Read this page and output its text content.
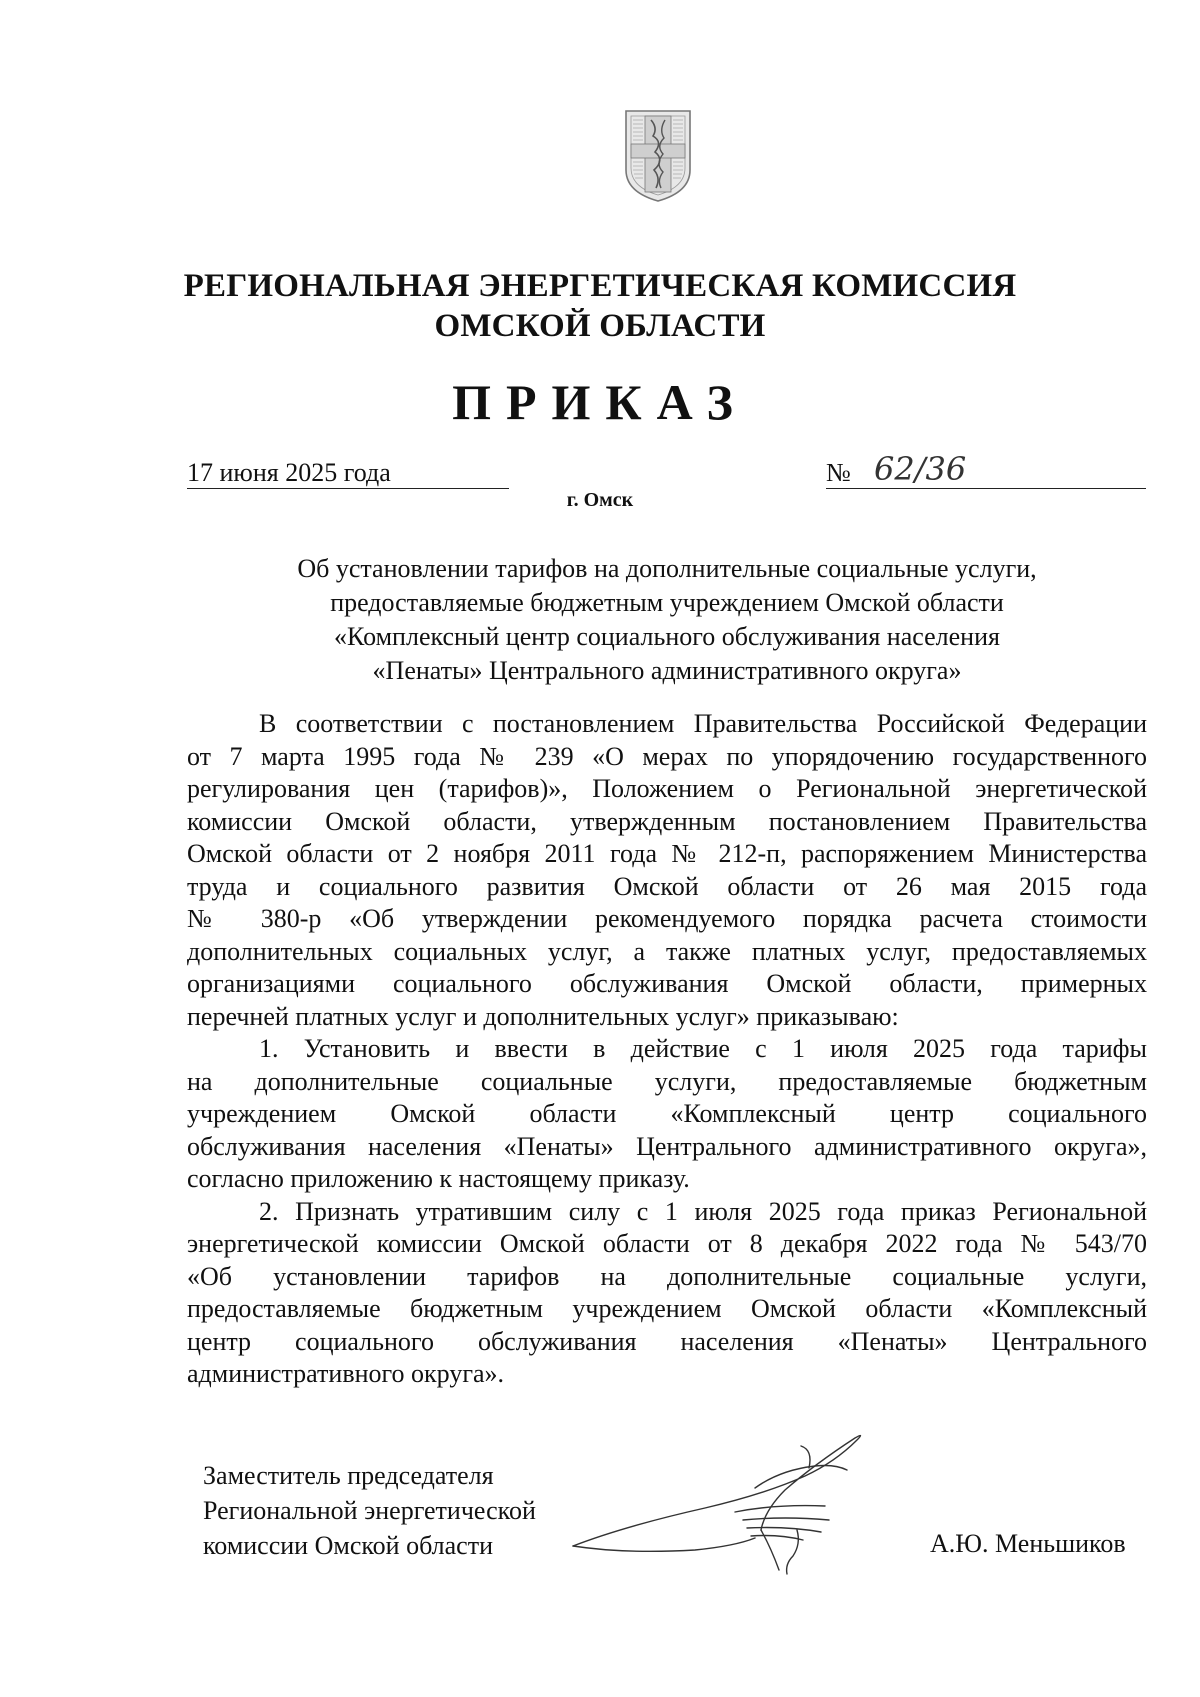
РЕГИОНАЛЬНАЯ ЭНЕРГЕТИЧЕСКАЯ КОМИССИЯ
ОМСКОЙ ОБЛАСТИ
ПРИКАЗ
17 июня 2025 года	№ 62/36
г. Омск
Об установлении тарифов на дополнительные социальные услуги,
предоставляемые бюджетным учреждением Омской области
«Комплексный центр социального обслуживания населения
«Пенаты» Центрального административного округа»
В соответствии с постановлением Правительства Российской Федерации
от 7 марта 1995 года № 239 «О мерах по упорядочению государственного
регулирования цен (тарифов)», Положением о Региональной энергетической
комиссии Омской области, утвержденным постановлением Правительства
Омской области от 2 ноября 2011 года № 212-п, распоряжением Министерства
труда и социального развития Омской области от 26 мая 2015 года
№ 380-р «Об утверждении рекомендуемого порядка расчета стоимости
дополнительных социальных услуг, а также платных услуг, предоставляемых
организациями социального обслуживания Омской области, примерных
перечней платных услуг и дополнительных услуг» приказываю:
1. Установить и ввести в действие с 1 июля 2025 года тарифы
на дополнительные социальные услуги, предоставляемые бюджетным
учреждением Омской области «Комплексный центр социального
обслуживания населения «Пенаты» Центрального административного округа»,
согласно приложению к настоящему приказу.
2. Признать утратившим силу с 1 июля 2025 года приказ Региональной
энергетической комиссии Омской области от 8 декабря 2022 года № 543/70
«Об установлении тарифов на дополнительные социальные услуги,
предоставляемые бюджетным учреждением Омской области «Комплексный
центр социального обслуживания населения «Пенаты» Центрального
административного округа».
Заместитель председателя
Региональной энергетической
комиссии Омской области	А.Ю. Меньшиков
